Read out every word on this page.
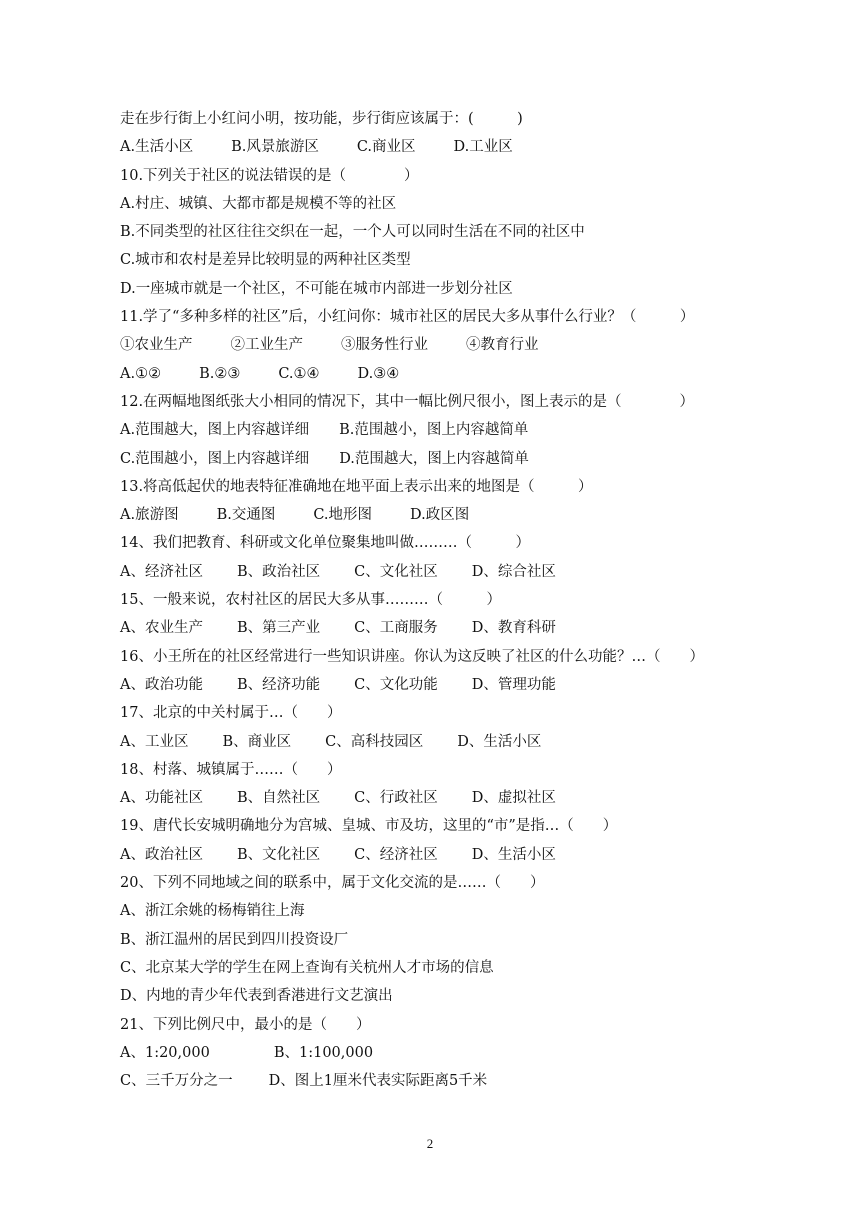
走在步行街上小红问小明，按功能，步行街应该属于：(　　　)
A.生活小区	B.风景旅游区	C.商业区	D.工业区
10.下列关于社区的说法错误的是（　　　　）
A.村庄、城镇、大都市都是规模不等的社区
B.不同类型的社区往往交织在一起，一个人可以同时生活在不同的社区中
C.城市和农村是差异比较明显的两种社区类型
D.一座城市就是一个社区，不可能在城市内部进一步划分社区
11.学了“多种多样的社区”后，小红问你：城市社区的居民大多从事什么行业？（　　　）
①农业生产	②工业生产	③服务性行业	④教育行业
A.①②	B.②③	C.①④	D.③④
12.在两幅地图纸张大小相同的情况下，其中一幅比例尺很小，图上表示的是（　　　　）
A.范围越大，图上内容越详细 B.范围越小，图上内容越简单
C.范围越小，图上内容越详细 D.范围越大，图上内容越简单
13.将高低起伏的地表特征准确地在地平面上表示出来的地图是（　　　）
A.旅游图	B.交通图	C.地形图	D.政区图
14、我们把教育、科研或文化单位聚集地叫做………（　　　）
A、经济社区 B、政治社区 C、文化社区 D、综合社区
15、一般来说，农村社区的居民大多从事………（　　　）
A、农业生产 B、第三产业 C、工商服务 D、教育科研
16、小王所在的社区经常进行一些知识讲座。你认为这反映了社区的什么功能？…（　　）
A、政治功能 B、经济功能 C、文化功能 D、管理功能
17、北京的中关村属于…（　　）
A、工业区 B、商业区 C、高科技园区 D、生活小区
18、村落、城镇属于……（　　）
A、功能社区 B、自然社区 C、行政社区 D、虚拟社区
19、唐代长安城明确地分为宫城、皇城、市及坊，这里的“市”是指…（　　）
A、政治社区 B、文化社区 C、经济社区 D、生活小区
20、下列不同地域之间的联系中，属于文化交流的是……（　　）
A、浙江余姚的杨梅销往上海
B、浙江温州的居民到四川投资设厂
C、北京某大学的学生在网上查询有关杭州人才市场的信息
D、内地的青少年代表到香港进行文艺演出
21、下列比例尺中，最小的是（　　）
A、1:20,000	B、1:100,000
C、三千万分之一 D、图上1厘米代表实际距离5千米
2
